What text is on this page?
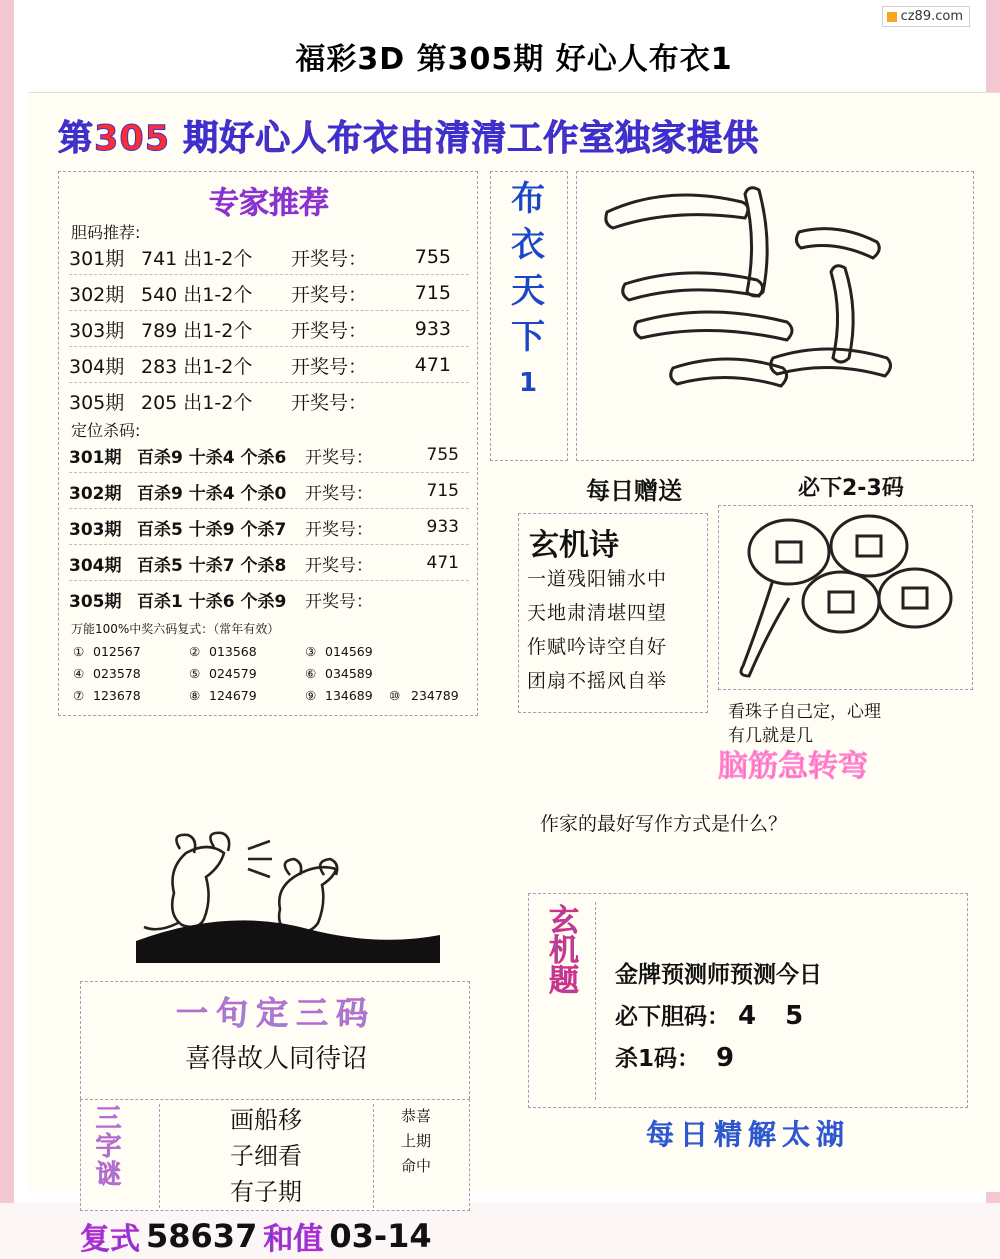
cz89.com
福彩3D 第305期 好心人布衣1
第305 期好心人布衣由清清工作室独家提供
专家推荐
胆码推荐:
301期 741 出1-2个	开奖号：	755
302期 540 出1-2个	开奖号：	715
303期 789 出1-2个	开奖号：	933
304期 283 出1-2个	开奖号：	471
305期 205 出1-2个	开奖号：
定位杀码:
301期 百杀9 十杀4 个杀6	开奖号：	755
302期 百杀9 十杀4 个杀0	开奖号：	715
303期 百杀5 十杀9 个杀7	开奖号：	933
304期 百杀5 十杀7 个杀8	开奖号：	471
305期 百杀1 十杀6 个杀9	开奖号：
万能100%中奖六码复式：（常年有效）
① 012567	② 013568	③ 014569
④ 023578	⑤ 024579	⑥ 034589
⑦ 123678	⑧ 124679	⑨ 134689 ⑩ 234789
布
衣
天
下
1
每日赠送	必下2-3码
玄机诗
一道残阳铺水中
天地肃清堪四望
作赋吟诗空自好
团扇不摇风自举
看珠子自己定，心理
有几就是几
脑筋急转弯
作家的最好写作方式是什么？
一句定三码
喜得故人同待诏
三字谜	画船移
子细看
有子期
恭喜
上期
命中
复式 58637 和值 03-14
玄机题 金牌预测师预测今日
必下胆码： 4 5
杀1码： 9
每日精解太湖
